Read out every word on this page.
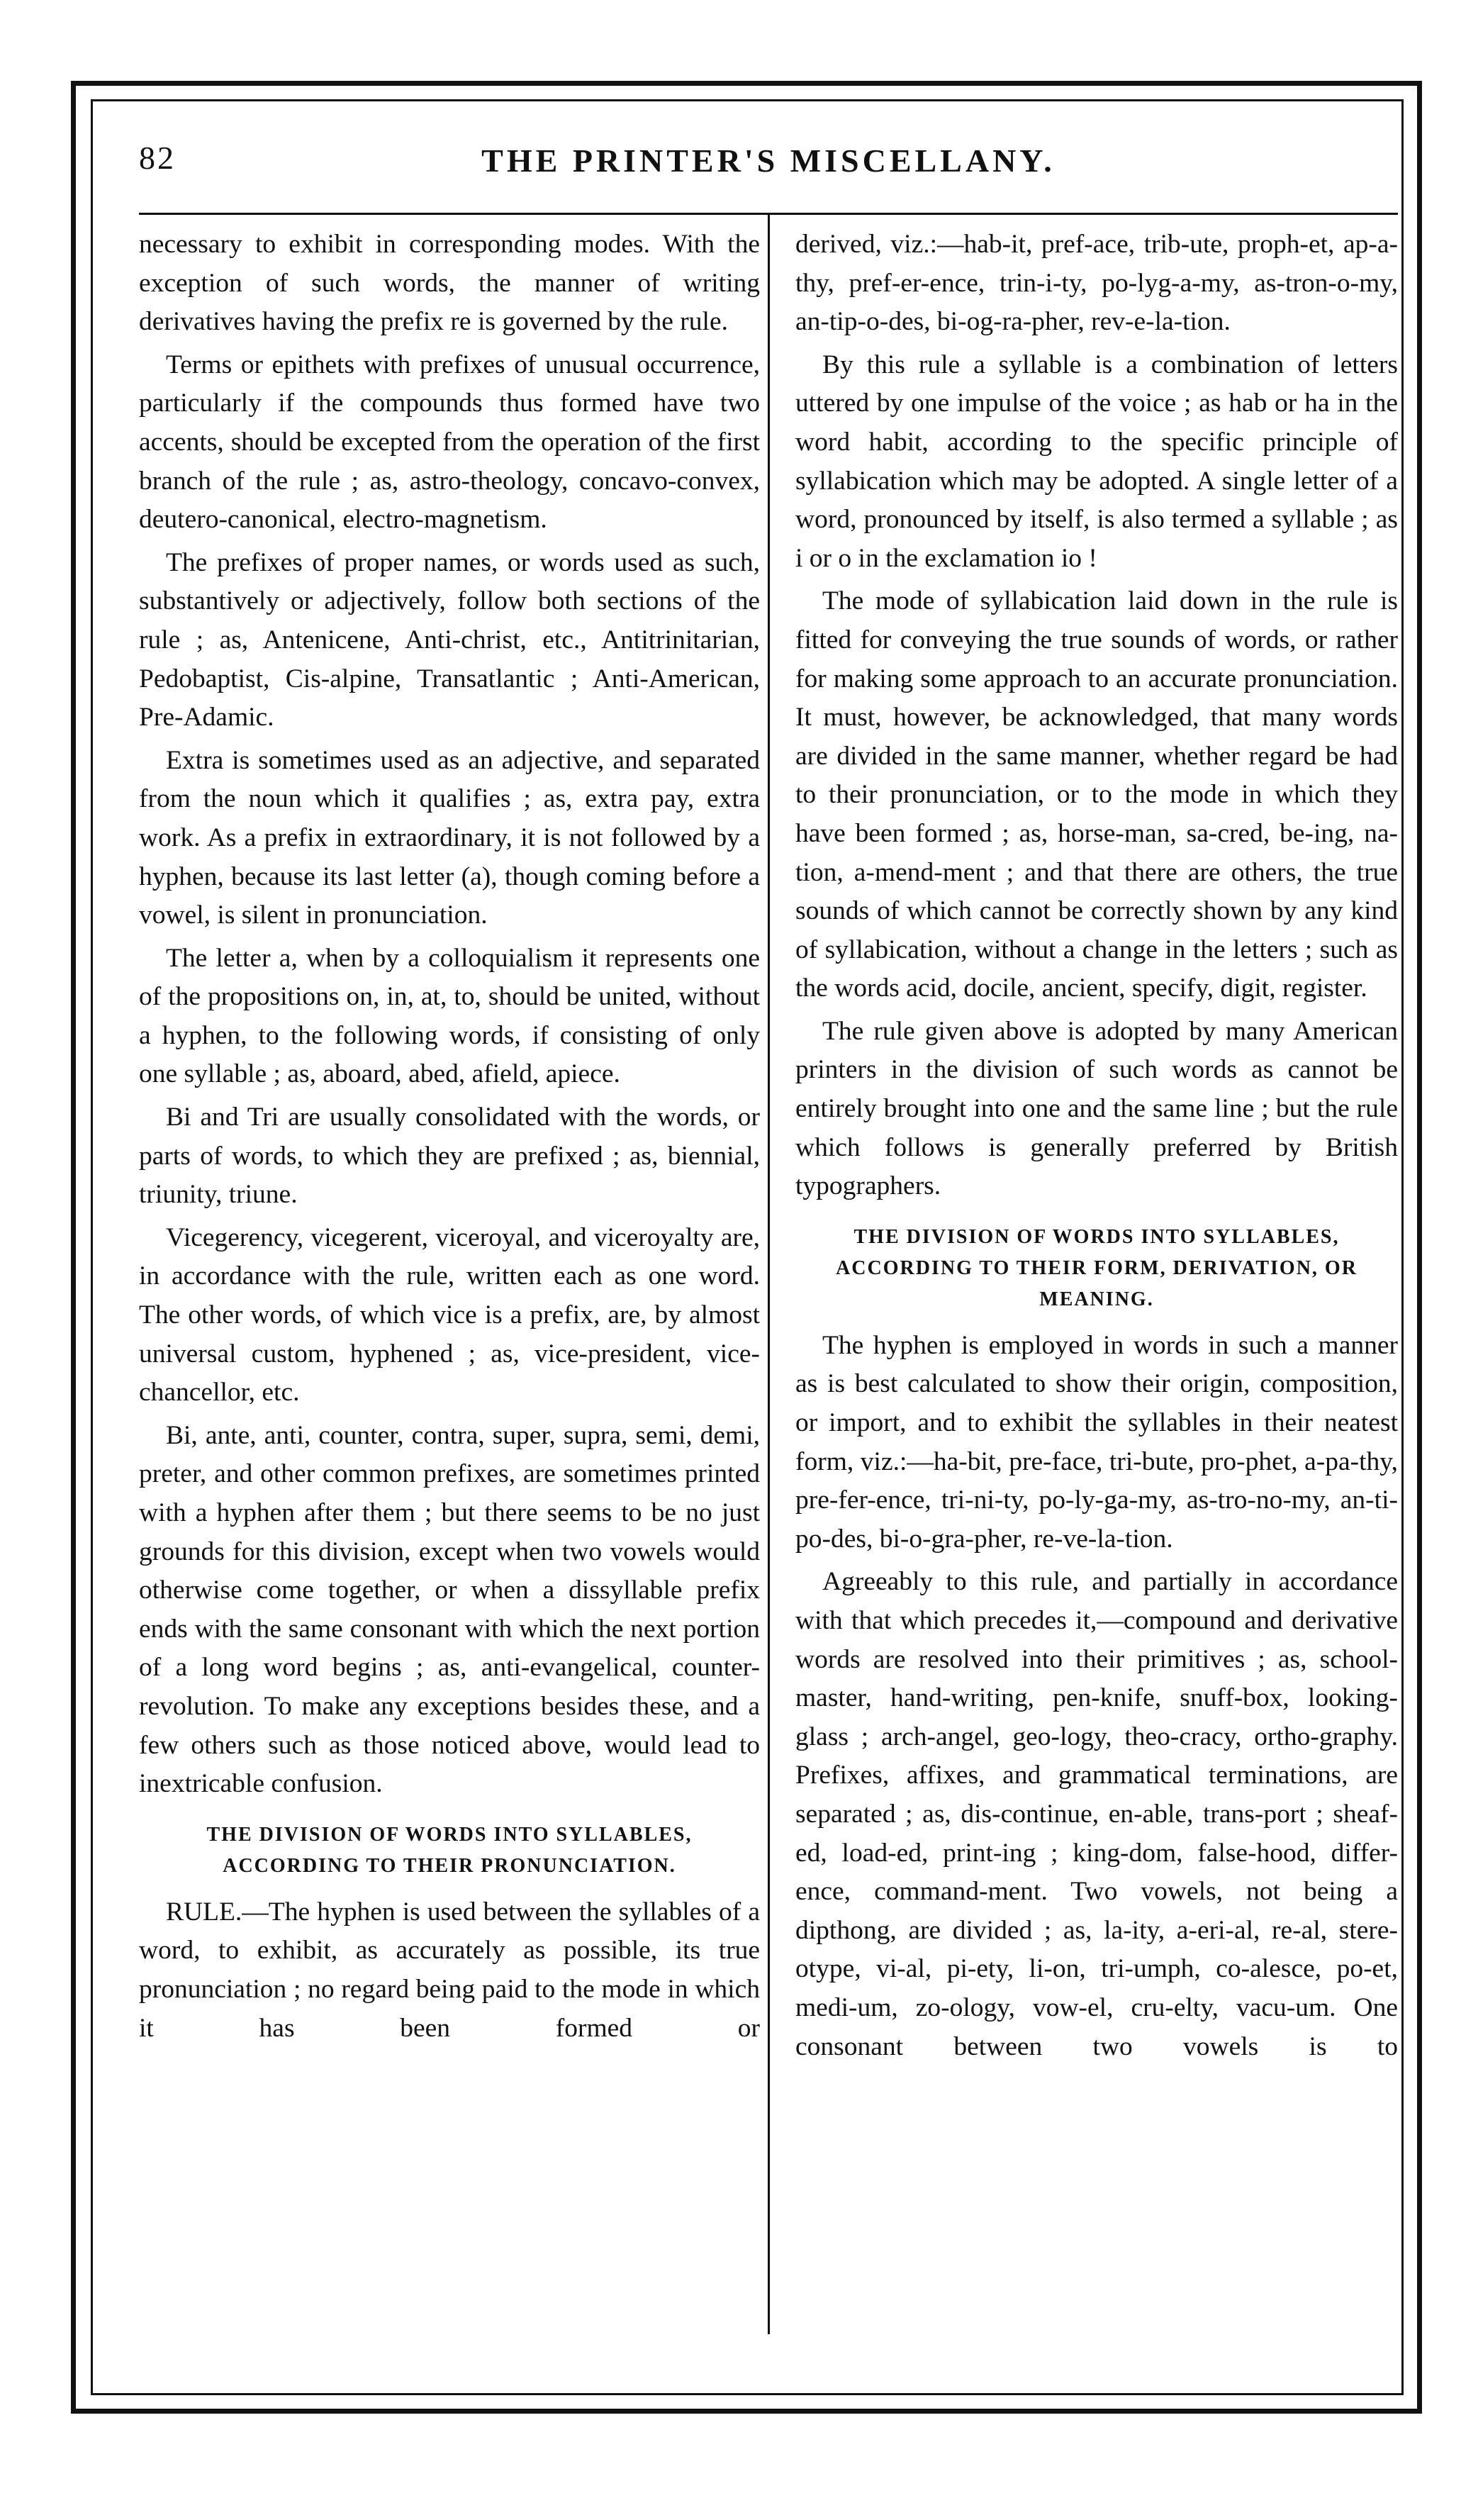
82	THE PRINTER'S MISCELLANY.

necessary to exhibit in corresponding modes. With the exception of such words, the manner of writing derivatives having the prefix re is governed by the rule.

Terms or epithets with prefixes of unusual occurrence, particularly if the compounds thus formed have two accents, should be excepted from the operation of the first branch of the rule ; as, astro-theology, concavo-convex, deutero-canonical, electro-magnetism.

The prefixes of proper names, or words used as such, substantively or adjectively, follow both sections of the rule ; as, Antenicene, Anti-christ, etc., Antitrinitarian, Pedobaptist, Cis-alpine, Transatlantic ; Anti-American, Pre-Adamic.

Extra is sometimes used as an adjective, and separated from the noun which it qualifies ; as, extra pay, extra work. As a prefix in extraordinary, it is not followed by a hyphen, because its last letter (a), though coming before a vowel, is silent in pronunciation.

The letter a, when by a colloquialism it represents one of the propositions on, in, at, to, should be united, without a hyphen, to the following words, if consisting of only one syllable ; as, aboard, abed, afield, apiece.

Bi and Tri are usually consolidated with the words, or parts of words, to which they are prefixed ; as, biennial, triunity, triune.

Vicegerency, vicegerent, viceroyal, and viceroyalty are, in accordance with the rule, written each as one word. The other words, of which vice is a prefix, are, by almost universal custom, hyphened ; as, vice-president, vice-chancellor, etc.

Bi, ante, anti, counter, contra, super, supra, semi, demi, preter, and other common prefixes, are sometimes printed with a hyphen after them ; but there seems to be no just grounds for this division, except when two vowels would otherwise come together, or when a dissyllable prefix ends with the same consonant with which the next portion of a long word begins ; as, anti-evangelical, counter-revolution. To make any exceptions besides these, and a few others such as those noticed above, would lead to inextricable confusion.

THE DIVISION OF WORDS INTO SYLLABLES, ACCORDING TO THEIR PRONUNCIATION.

RULE.—The hyphen is used between the syllables of a word, to exhibit, as accurately as possible, its true pronunciation ; no regard being paid to the mode in which it has been formed or

derived, viz.:—hab-it, pref-ace, trib-ute, proph-et, ap-a-thy, pref-er-ence, trin-i-ty, po-lyg-a-my, as-tron-o-my, an-tip-o-des, bi-og-ra-pher, rev-e-la-tion.

By this rule a syllable is a combination of letters uttered by one impulse of the voice ; as hab or ha in the word habit, according to the specific principle of syllabication which may be adopted. A single letter of a word, pronounced by itself, is also termed a syllable ; as i or o in the exclamation io !

The mode of syllabication laid down in the rule is fitted for conveying the true sounds of words, or rather for making some approach to an accurate pronunciation. It must, however, be acknowledged, that many words are divided in the same manner, whether regard be had to their pronunciation, or to the mode in which they have been formed ; as, horse-man, sa-cred, be-ing, na-tion, a-mend-ment ; and that there are others, the true sounds of which cannot be correctly shown by any kind of syllabication, without a change in the letters ; such as the words acid, docile, ancient, specify, digit, register.

The rule given above is adopted by many American printers in the division of such words as cannot be entirely brought into one and the same line ; but the rule which follows is generally preferred by British typographers.

THE DIVISION OF WORDS INTO SYLLABLES, ACCORDING TO THEIR FORM, DERIVATION, OR MEANING.

The hyphen is employed in words in such a manner as is best calculated to show their origin, composition, or import, and to exhibit the syllables in their neatest form, viz.:—ha-bit, pre-face, tri-bute, pro-phet, a-pa-thy, pre-fer-ence, tri-ni-ty, po-ly-ga-my, as-tro-no-my, an-ti-po-des, bi-o-gra-pher, re-ve-la-tion.

Agreeably to this rule, and partially in accordance with that which precedes it,—compound and derivative words are resolved into their primitives ; as, school-master, hand-writing, pen-knife, snuff-box, looking-glass ; arch-angel, geo-logy, theo-cracy, ortho-graphy. Prefixes, affixes, and grammatical terminations, are separated ; as, dis-continue, en-able, trans-port ; sheaf-ed, load-ed, print-ing ; king-dom, false-hood, differ-ence, command-ment. Two vowels, not being a dipthong, are divided ; as, la-ity, a-eri-al, re-al, stere-otype, vi-al, pi-ety, li-on, tri-umph, co-alesce, po-et, medi-um, zo-ology, vow-el, cru-elty, vacu-um. One consonant between two vowels is to
